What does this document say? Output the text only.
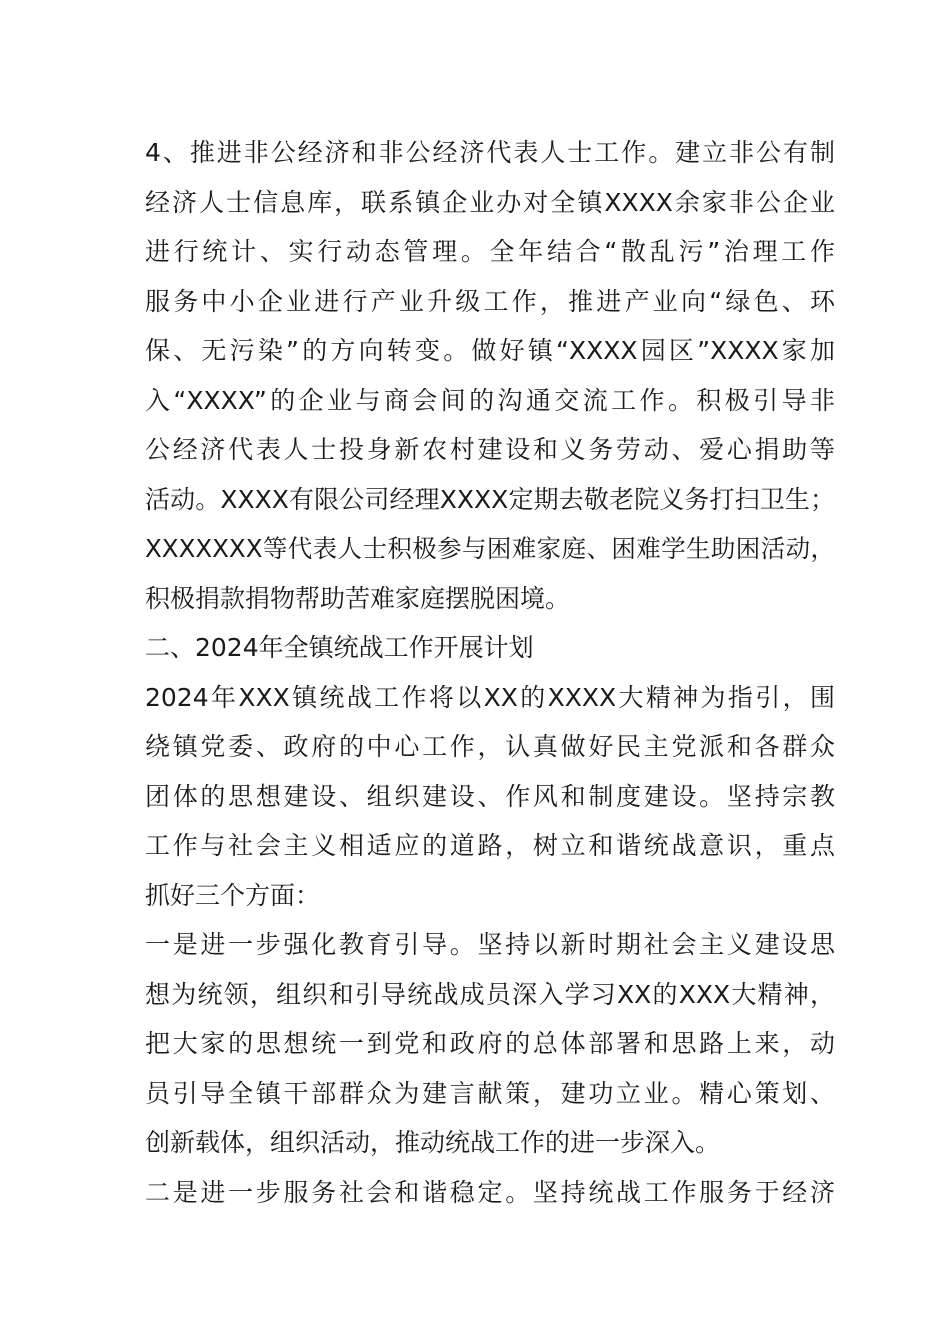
4、推进非公经济和非公经济代表人士工作。建立非公有制
经济人士信息库，联系镇企业办对全镇XXXX余家非公企业
进行统计、实行动态管理。全年结合“散乱污”治理工作
服务中小企业进行产业升级工作，推进产业向“绿色、环
保、无污染”的方向转变。做好镇“XXXX园区”XXXX家加
入“XXXX”的企业与商会间的沟通交流工作。积极引导非
公经济代表人士投身新农村建设和义务劳动、爱心捐助等
活动。XXXX有限公司经理XXXX定期去敬老院义务打扫卫生；
XXXXXXX等代表人士积极参与困难家庭、困难学生助困活动，
积极捐款捐物帮助苦难家庭摆脱困境。
二、2024年全镇统战工作开展计划
2024年XXX镇统战工作将以XX的XXXX大精神为指引，围
绕镇党委、政府的中心工作，认真做好民主党派和各群众
团体的思想建设、组织建设、作风和制度建设。坚持宗教
工作与社会主义相适应的道路，树立和谐统战意识，重点
抓好三个方面：
一是进一步强化教育引导。坚持以新时期社会主义建设思
想为统领，组织和引导统战成员深入学习XX的XXX大精神，
把大家的思想统一到党和政府的总体部署和思路上来，动
员引导全镇干部群众为建言献策，建功立业。精心策划、
创新载体，组织活动，推动统战工作的进一步深入。
二是进一步服务社会和谐稳定。坚持统战工作服务于经济
